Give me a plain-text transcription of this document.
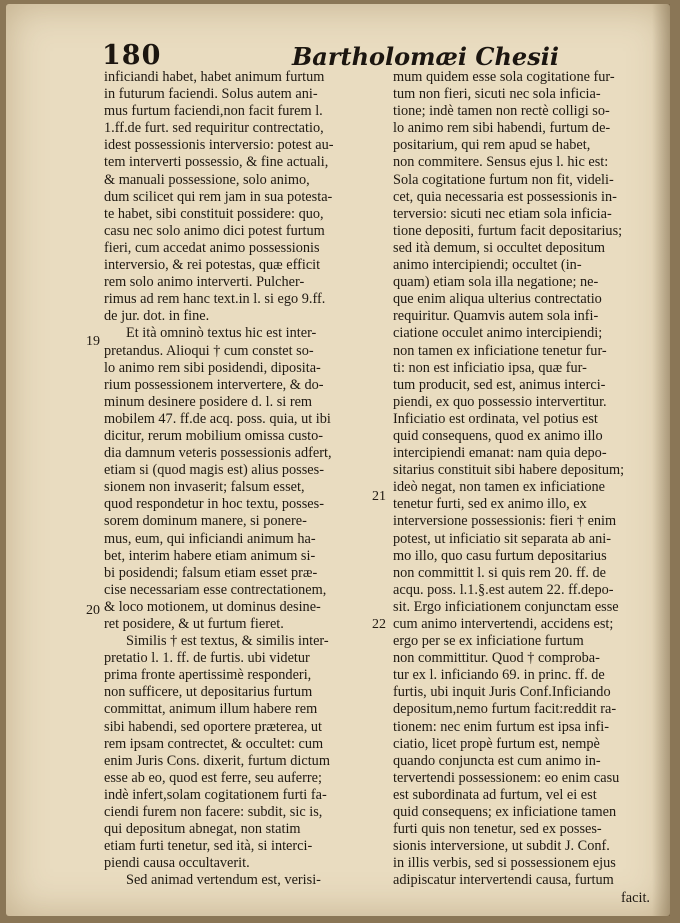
180	Bartholomæi Chesii
19
20
21
22
inficiandi habet, habet animum furtum
in futurum faciendi. Solus autem ani-
mus furtum faciendi,non facit furem l.
1.ff.de furt. sed requiritur contrectatio,
idest possessionis interversio: potest au-
tem interverti possessio, & fine actuali,
& manuali possessione, solo animo,
dum scilicet qui rem jam in sua potesta-
te habet, sibi constituit possidere: quo,
casu nec solo animo dici potest furtum
fieri, cum accedat animo possessionis
interversio, & rei potestas, quæ efficit
rem solo animo interverti. Pulcher-
rimus ad rem hanc text.in l. si ego 9.ff.
de jur. dot. in fine.
Et ità omninò textus hic est inter-
pretandus. Alioqui † cum constet so-
lo animo rem sibi posidendi, diposita-
rium possessionem intervertere, & do-
minum desinere posidere d. l. si rem
mobilem 47. ff.de acq. poss. quia, ut ibi
dicitur, rerum mobilium omissa custo-
dia damnum veteris possessionis adfert,
etiam si (quod magis est) alius posses-
sionem non invaserit; falsum esset,
quod respondetur in hoc textu, posses-
sorem dominum manere, si ponere-
mus, eum, qui inficiandi animum ha-
bet, interim habere etiam animum si-
bi posidendi; falsum etiam esset præ-
cise necessariam esse contrectationem,
& loco motionem, ut dominus desine-
ret posidere, & ut furtum fieret.
Similis † est textus, & similis inter-
pretatio l. 1. ff. de furtis. ubi videtur
prima fronte apertissimè responderi,
non sufficere, ut depositarius furtum
committat, animum illum habere rem
sibi habendi, sed oportere præterea, ut
rem ipsam contrectet, & occultet: cum
enim Juris Cons. dixerit, furtum dictum
esse ab eo, quod est ferre, seu auferre;
indè infert,solam cogitationem furti fa-
ciendi furem non facere: subdit, sic is,
qui depositum abnegat, non statim
etiam furti tenetur, sed ità, si interci-
piendi causa occultaverit.
Sed animad vertendum est, verisi-
mum quidem esse sola cogitatione fur-
tum non fieri, sicuti nec sola inficia-
tione; indè tamen non rectè colligi so-
lo animo rem sibi habendi, furtum de-
positarium, qui rem apud se habet,
non commitere. Sensus ejus l. hic est:
Sola cogitatione furtum non fit, videli-
cet, quia necessaria est possessionis in-
terversio: sicuti nec etiam sola inficia-
tione depositi, furtum facit depositarius;
sed ità demum, si occultet depositum
animo intercipiendi; occultet (in-
quam) etiam sola illa negatione; ne-
que enim aliqua ulterius contrectatio
requiritur. Quamvis autem sola infi-
ciatione occulet animo intercipiendi;
non tamen ex inficiatione tenetur fur-
ti: non est inficiatio ipsa, quæ fur-
tum producit, sed est, animus interci-
piendi, ex quo possessio intervertitur.
Inficiatio est ordinata, vel potius est
quid consequens, quod ex animo illo
intercipiendi emanat: nam quia depo-
sitarius constituit sibi habere depositum;
ideò negat, non tamen ex inficiatione
tenetur furti, sed ex animo illo, ex
interversione possessionis: fieri † enim
potest, ut inficiatio sit separata ab ani-
mo illo, quo casu furtum depositarius
non committit l. si quis rem 20. ff. de
acqu. poss. l.1.§.est autem 22. ff.depo-
sit. Ergo inficiationem conjunctam esse
cum animo intervertendi, accidens est;
ergo per se ex inficiatione furtum
non committitur. Quod † comproba-
tur ex l. inficiando 69. in princ. ff. de
furtis, ubi inquit Juris Conf.Inficiando
depositum,nemo furtum facit:reddit ra-
tionem: nec enim furtum est ipsa infi-
ciatio, licet propè furtum est, nempè
quando conjuncta est cum animo in-
tervertendi possessionem: eo enim casu
est subordinata ad furtum, vel ei est
quid consequens; ex inficiatione tamen
furti quis non tenetur, sed ex posses-
sionis interversione, ut subdit J. Conf.
in illis verbis, sed si possessionem ejus
adipiscatur intervertendi causa, furtum
facit.
